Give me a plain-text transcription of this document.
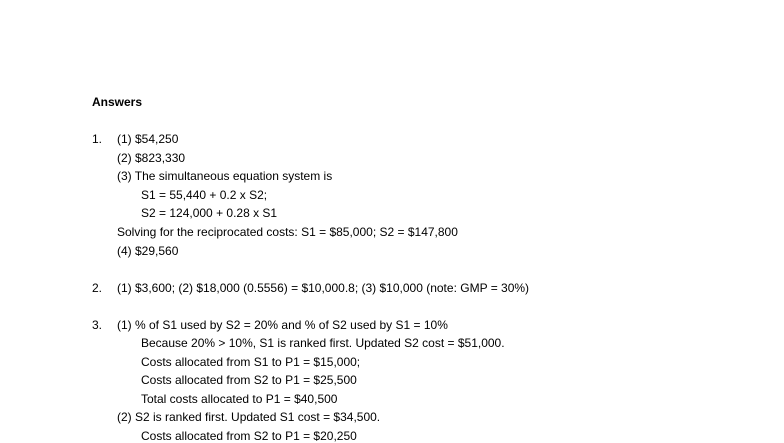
Answers
1. (1) $54,250
(2) $823,330
(3) The simultaneous equation system is
S1 = 55,440 + 0.2 x S2;
S2 = 124,000 + 0.28 x S1
Solving for the reciprocated costs: S1 = $85,000; S2 = $147,800
(4) $29,560
2. (1) $3,600; (2) $18,000 (0.5556) = $10,000.8; (3) $10,000 (note: GMP = 30%)
3. (1) % of S1 used by S2 = 20% and % of S2 used by S1 = 10%
Because 20% > 10%, S1 is ranked first. Updated S2 cost = $51,000.
Costs allocated from S1 to P1 = $15,000;
Costs allocated from S2 to P1 = $25,500
Total costs allocated to P1 = $40,500
(2) S2 is ranked first. Updated S1 cost = $34,500.
Costs allocated from S2 to P1 = $20,250
